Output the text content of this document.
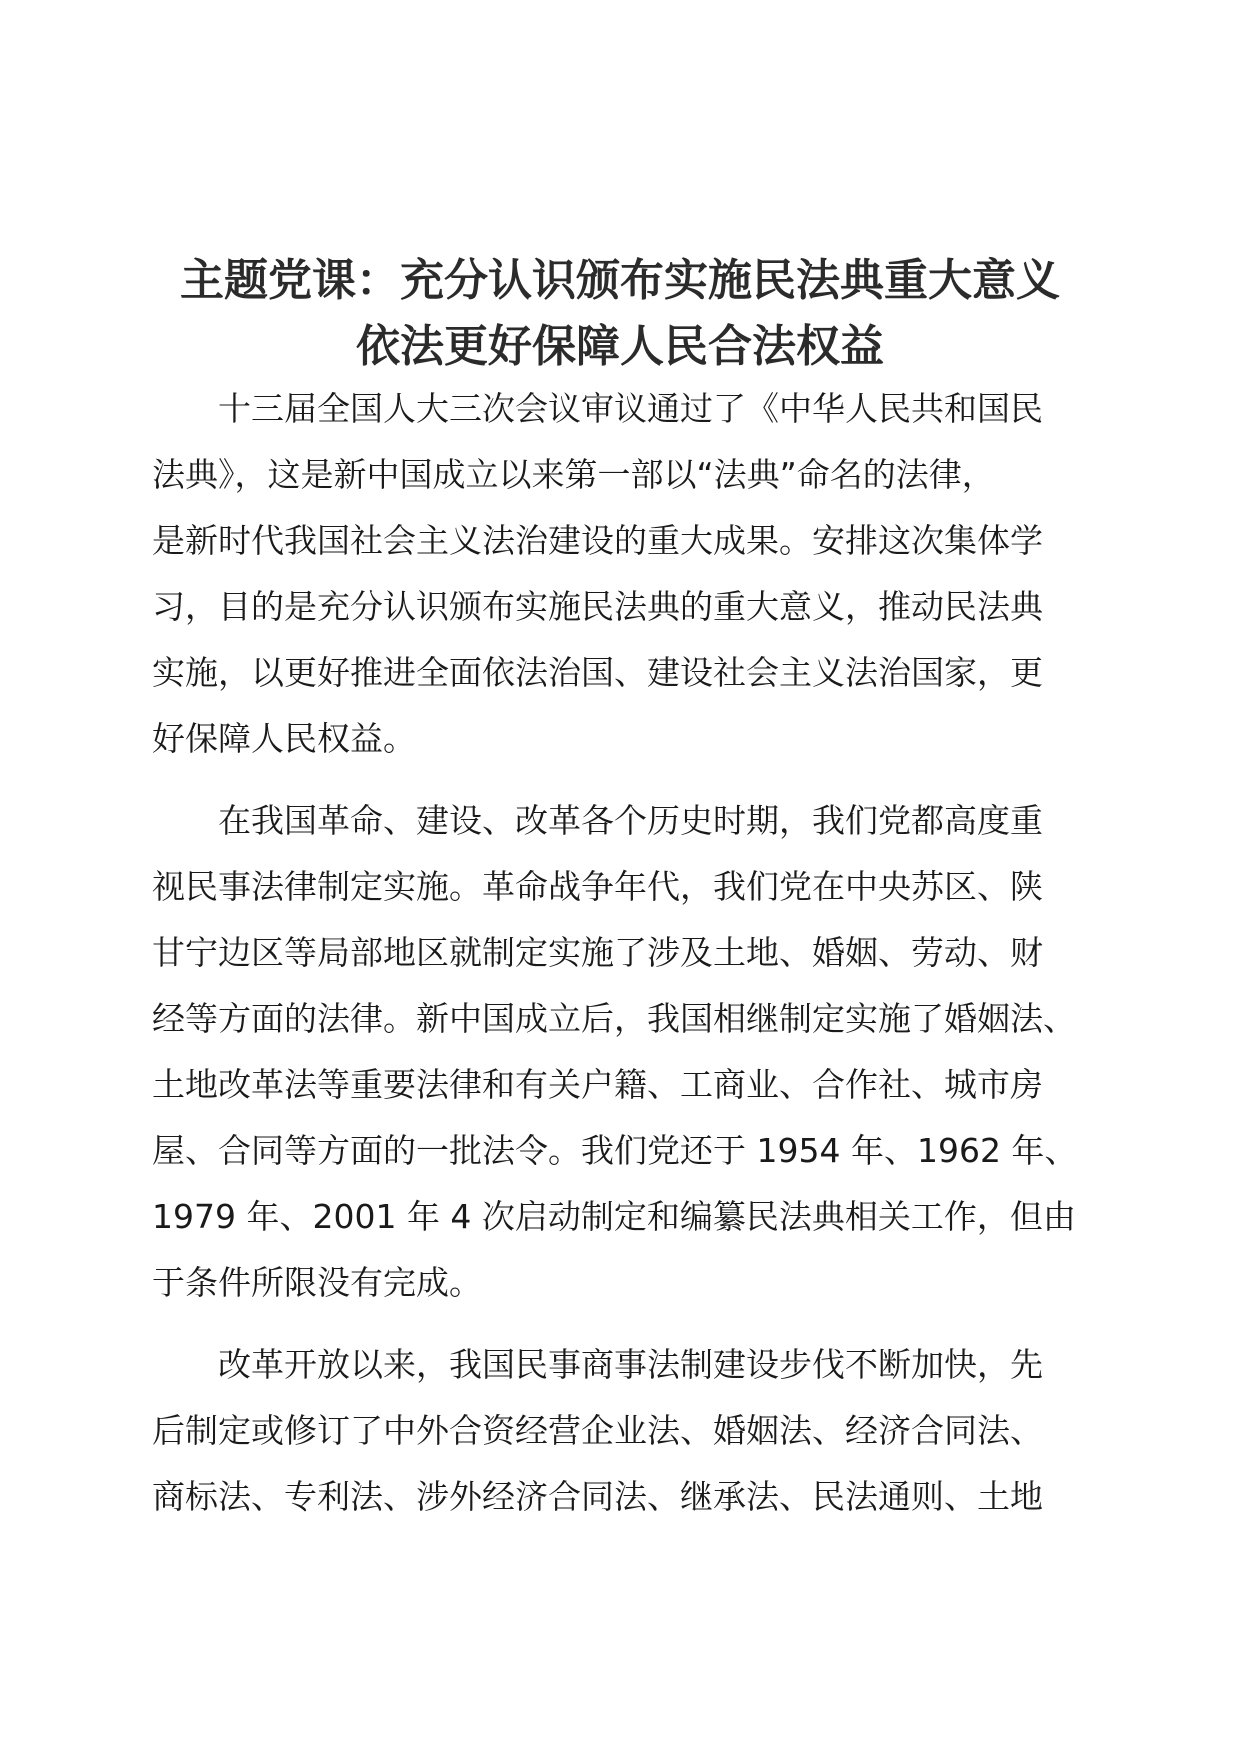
主题党课：充分认识颁布实施民法典重大意义
依法更好保障人民合法权益

十三届全国人大三次会议审议通过了《中华人民共和国民
法典》，这是新中国成立以来第一部以“法典”命名的法律，
是新时代我国社会主义法治建设的重大成果。安排这次集体学
习，目的是充分认识颁布实施民法典的重大意义，推动民法典
实施，以更好推进全面依法治国、建设社会主义法治国家，更
好保障人民权益。

在我国革命、建设、改革各个历史时期，我们党都高度重
视民事法律制定实施。革命战争年代，我们党在中央苏区、陕
甘宁边区等局部地区就制定实施了涉及土地、婚姻、劳动、财
经等方面的法律。新中国成立后，我国相继制定实施了婚姻法、
土地改革法等重要法律和有关户籍、工商业、合作社、城市房
屋、合同等方面的一批法令。我们党还于 1954 年、1962 年、
1979 年、2001 年 4 次启动制定和编纂民法典相关工作，但由
于条件所限没有完成。

改革开放以来，我国民事商事法制建设步伐不断加快，先
后制定或修订了中外合资经营企业法、婚姻法、经济合同法、
商标法、专利法、涉外经济合同法、继承法、民法通则、土地
